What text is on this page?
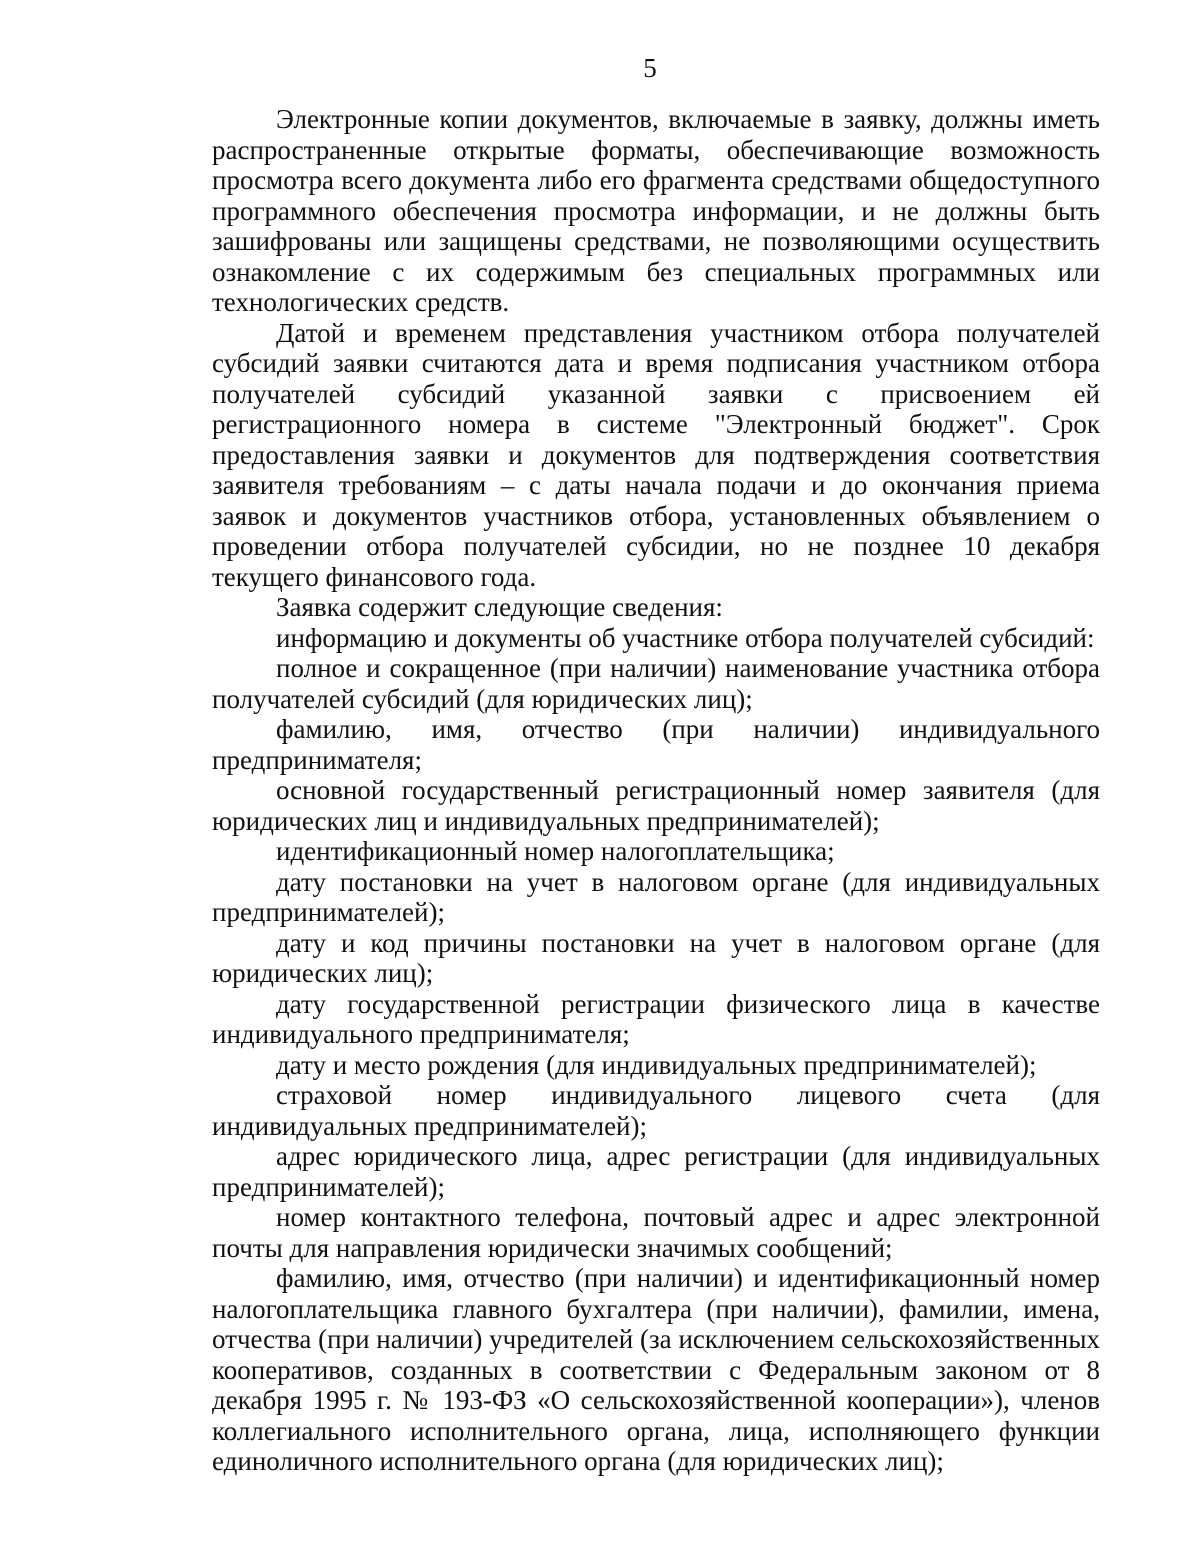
5

Электронные копии документов, включаемые в заявку, должны иметь распространенные открытые форматы, обеспечивающие возможность просмотра всего документа либо его фрагмента средствами общедоступного программного обеспечения просмотра информации, и не должны быть зашифрованы или защищены средствами, не позволяющими осуществить ознакомление с их содержимым без специальных программных или технологических средств.

Датой и временем представления участником отбора получателей субсидий заявки считаются дата и время подписания участником отбора получателей субсидий указанной заявки с присвоением ей регистрационного номера в системе "Электронный бюджет". Срок предоставления заявки и документов для подтверждения соответствия заявителя требованиям – с даты начала подачи и до окончания приема заявок и документов участников отбора, установленных объявлением о проведении отбора получателей субсидии, но не позднее 10 декабря текущего финансового года.

Заявка содержит следующие сведения:

информацию и документы об участнике отбора получателей субсидий:

полное и сокращенное (при наличии) наименование участника отбора получателей субсидий (для юридических лиц);

фамилию, имя, отчество (при наличии) индивидуального предпринимателя;

основной государственный регистрационный номер заявителя (для юридических лиц и индивидуальных предпринимателей);

идентификационный номер налогоплательщика;

дату постановки на учет в налоговом органе (для индивидуальных предпринимателей);

дату и код причины постановки на учет в налоговом органе (для юридических лиц);

дату государственной регистрации физического лица в качестве индивидуального предпринимателя;

дату и место рождения (для индивидуальных предпринимателей);

страховой номер индивидуального лицевого счета (для индивидуальных предпринимателей);

адрес юридического лица, адрес регистрации (для индивидуальных предпринимателей);

номер контактного телефона, почтовый адрес и адрес электронной почты для направления юридически значимых сообщений;

фамилию, имя, отчество (при наличии) и идентификационный номер налогоплательщика главного бухгалтера (при наличии), фамилии, имена, отчества (при наличии) учредителей (за исключением сельскохозяйственных кооперативов, созданных в соответствии с Федеральным законом от 8 декабря 1995 г. № 193-ФЗ «О сельскохозяйственной кооперации»), членов коллегиального исполнительного органа, лица, исполняющего функции единоличного исполнительного органа (для юридических лиц);
